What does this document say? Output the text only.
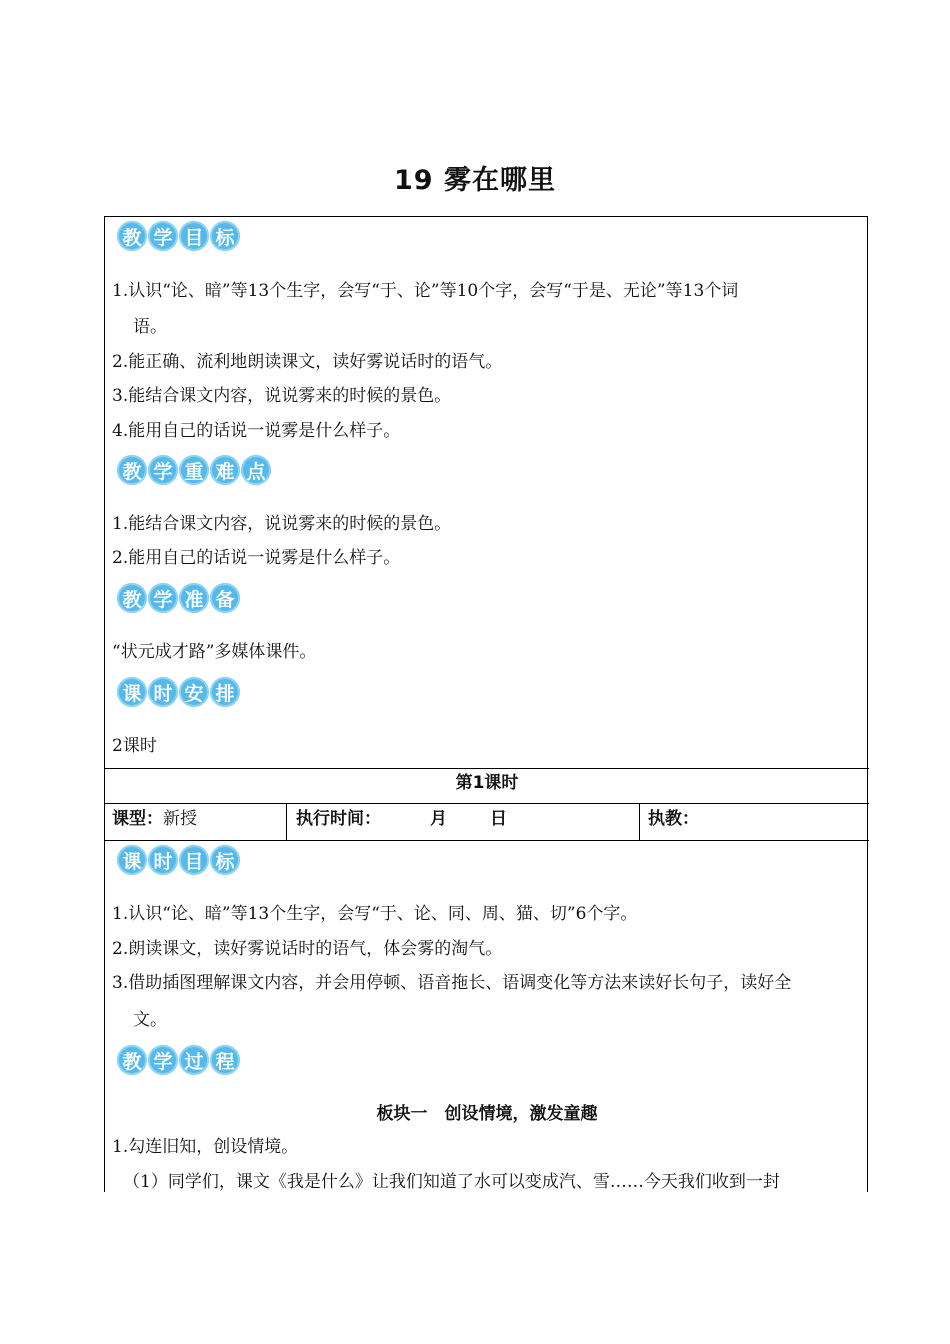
19 雾在哪里
教 学 目 标
1.认识“论、暗”等13个生字，会写“于、论”等10个字，会写“于是、无论”等13个词
语。
2.能正确、流利地朗读课文，读好雾说话时的语气。
3.能结合课文内容，说说雾来的时候的景色。
4.能用自己的话说一说雾是什么样子。
教 学 重 难 点
1.能结合课文内容，说说雾来的时候的景色。
2.能用自己的话说一说雾是什么样子。
教 学 准 备
“状元成才路”多媒体课件。
课 时 安 排
2课时
第1课时
课型：新授	执行时间：	月	日	执教：
课 时 目 标
1.认识“论、暗”等13个生字，会写“于、论、同、周、猫、切”6个字。
2.朗读课文，读好雾说话时的语气，体会雾的淘气。
3.借助插图理解课文内容，并会用停顿、语音拖长、语调变化等方法来读好长句子，读好全
文。
教 学 过 程
板块一　创设情境，激发童趣
1.勾连旧知，创设情境。
（1）同学们，课文《我是什么》让我们知道了水可以变成汽、雪……今天我们收到一封
